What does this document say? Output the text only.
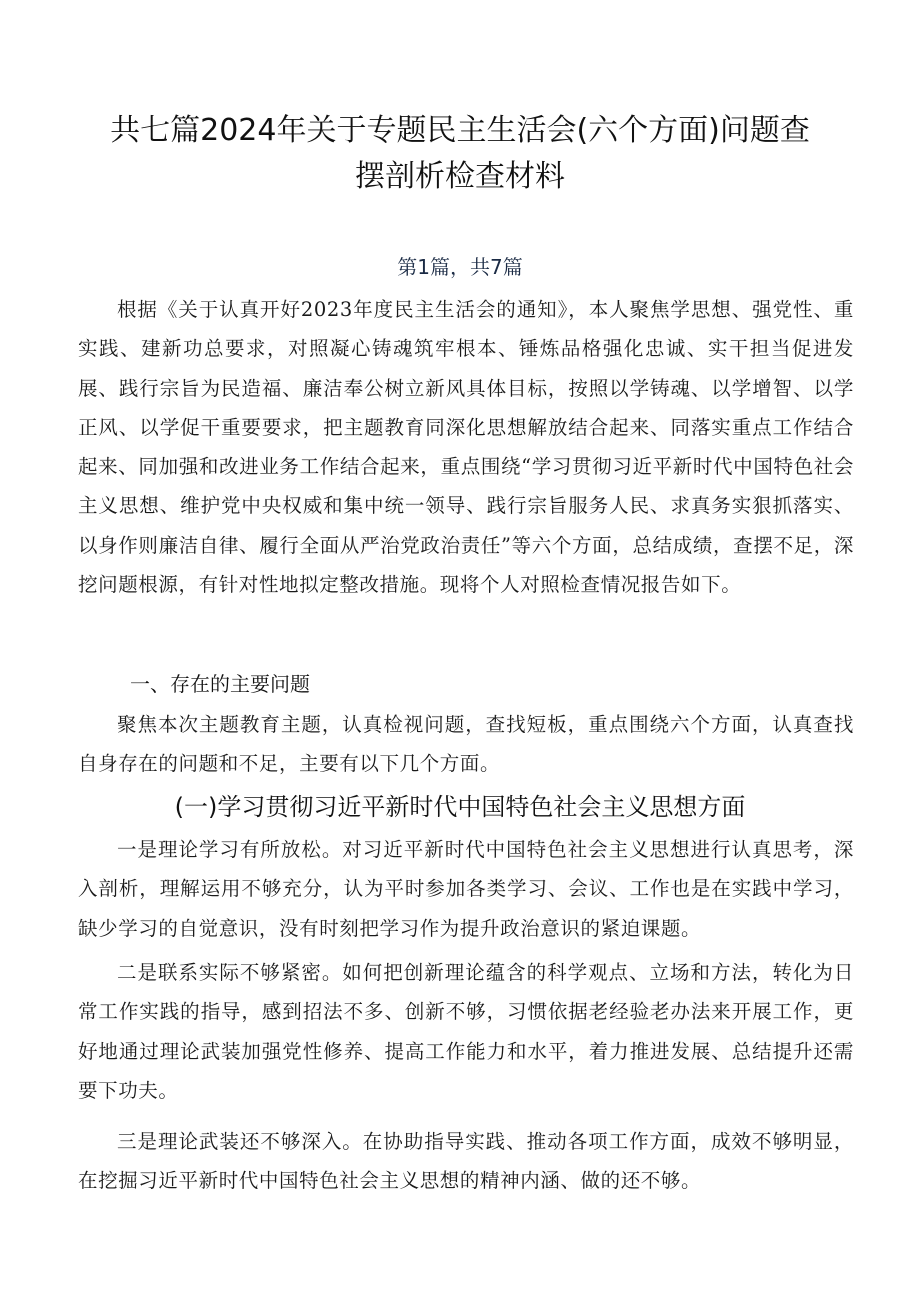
共七篇2024年关于专题民主生活会(六个方面)问题查
摆剖析检查材料
第1篇，共7篇

根据《关于认真开好2023年度民主生活会的通知》，本人聚焦学思想、强党性、重实践、建新功总要求，对照凝心铸魂筑牢根本、锤炼品格强化忠诚、实干担当促进发展、践行宗旨为民造福、廉洁奉公树立新风具体目标，按照以学铸魂、以学增智、以学正风、以学促干重要要求，把主题教育同深化思想解放结合起来、同落实重点工作结合起来、同加强和改进业务工作结合起来，重点围绕“学习贯彻习近平新时代中国特色社会主义思想、维护党中央权威和集中统一领导、践行宗旨服务人民、求真务实狠抓落实、以身作则廉洁自律、履行全面从严治党政治责任”等六个方面，总结成绩，查摆不足，深挖问题根源，有针对性地拟定整改措施。现将个人对照检查情况报告如下。

一、存在的主要问题

聚焦本次主题教育主题，认真检视问题，查找短板，重点围绕六个方面，认真查找自身存在的问题和不足，主要有以下几个方面。

(一)学习贯彻习近平新时代中国特色社会主义思想方面

一是理论学习有所放松。对习近平新时代中国特色社会主义思想进行认真思考，深入剖析，理解运用不够充分，认为平时参加各类学习、会议、工作也是在实践中学习，缺少学习的自觉意识，没有时刻把学习作为提升政治意识的紧迫课题。

二是联系实际不够紧密。如何把创新理论蕴含的科学观点、立场和方法，转化为日常工作实践的指导，感到招法不多、创新不够，习惯依据老经验老办法来开展工作，更好地通过理论武装加强党性修养、提高工作能力和水平，着力推进发展、总结提升还需要下功夫。

三是理论武装还不够深入。在协助指导实践、推动各项工作方面，成效不够明显，在挖掘习近平新时代中国特色社会主义思想的精神内涵、做的还不够。
